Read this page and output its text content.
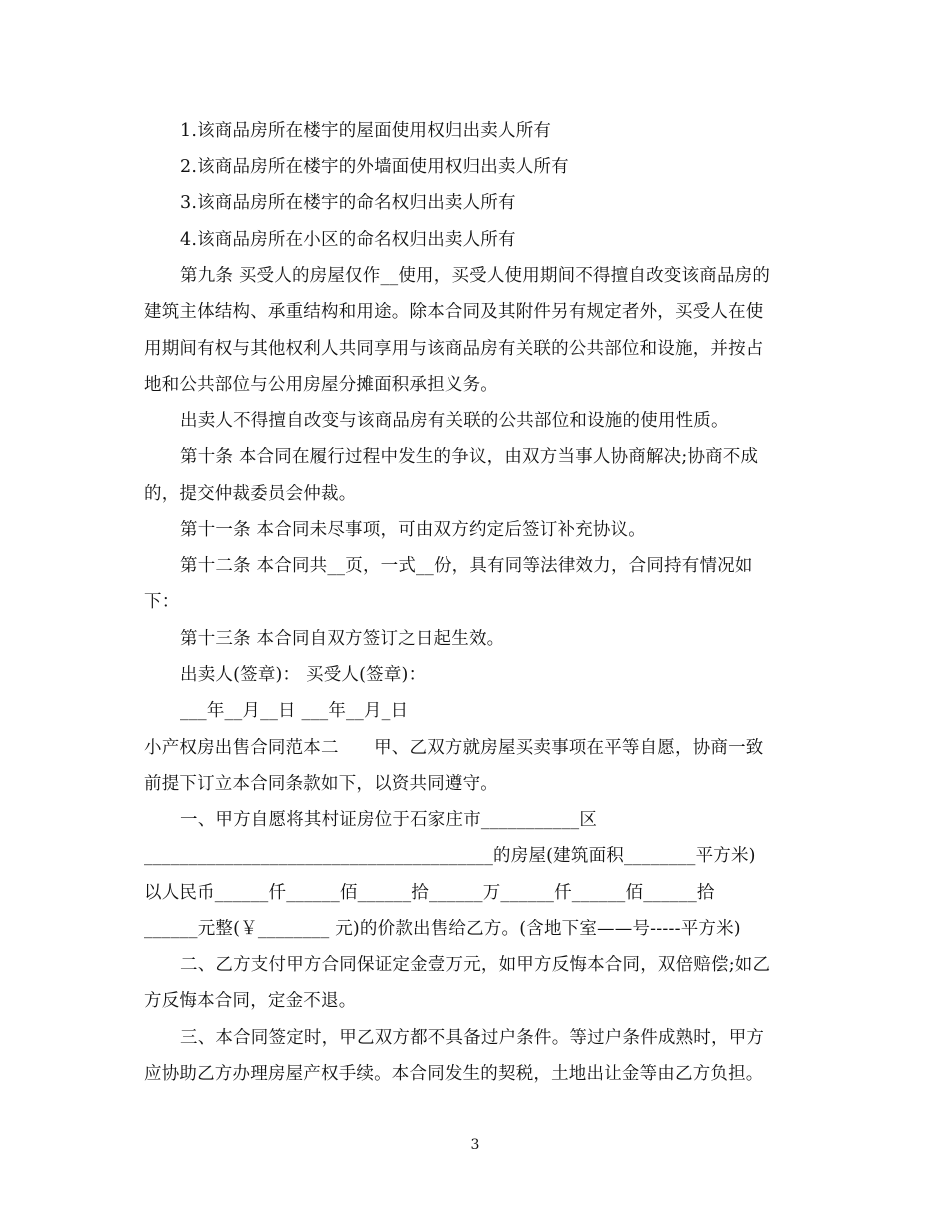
1.该商品房所在楼宇的屋面使用权归出卖人所有
2.该商品房所在楼宇的外墙面使用权归出卖人所有
3.该商品房所在楼宇的命名权归出卖人所有
4.该商品房所在小区的命名权归出卖人所有
第九条 买受人的房屋仅作__使用，买受人使用期间不得擅自改变该商品房的
建筑主体结构、承重结构和用途。除本合同及其附件另有规定者外，买受人在使
用期间有权与其他权利人共同享用与该商品房有关联的公共部位和设施，并按占
地和公共部位与公用房屋分摊面积承担义务。
出卖人不得擅自改变与该商品房有关联的公共部位和设施的使用性质。
第十条 本合同在履行过程中发生的争议，由双方当事人协商解决;协商不成
的，提交仲裁委员会仲裁。
第十一条 本合同未尽事项，可由双方约定后签订补充协议。
第十二条 本合同共__页，一式__份，具有同等法律效力，合同持有情况如
下：
第十三条 本合同自双方签订之日起生效。
出卖人(签章)： 买受人(签章)：
___年__月__日 ___年__月_日
小产权房出售合同范本二　　甲、乙双方就房屋买卖事项在平等自愿，协商一致
前提下订立本合同条款如下，以资共同遵守。
一、甲方自愿将其村证房位于石家庄市___________区
_______________________________________的房屋(建筑面积________平方米)
以人民币______仟______佰______拾______万______仟______佰______拾
______元整(￥________ 元)的价款出售给乙方。(含地下室——号-----平方米)
二、乙方支付甲方合同保证定金壹万元，如甲方反悔本合同，双倍赔偿;如乙
方反悔本合同，定金不退。
三、本合同签定时，甲乙双方都不具备过户条件。等过户条件成熟时，甲方
应协助乙方办理房屋产权手续。本合同发生的契税，土地出让金等由乙方负担。
3
